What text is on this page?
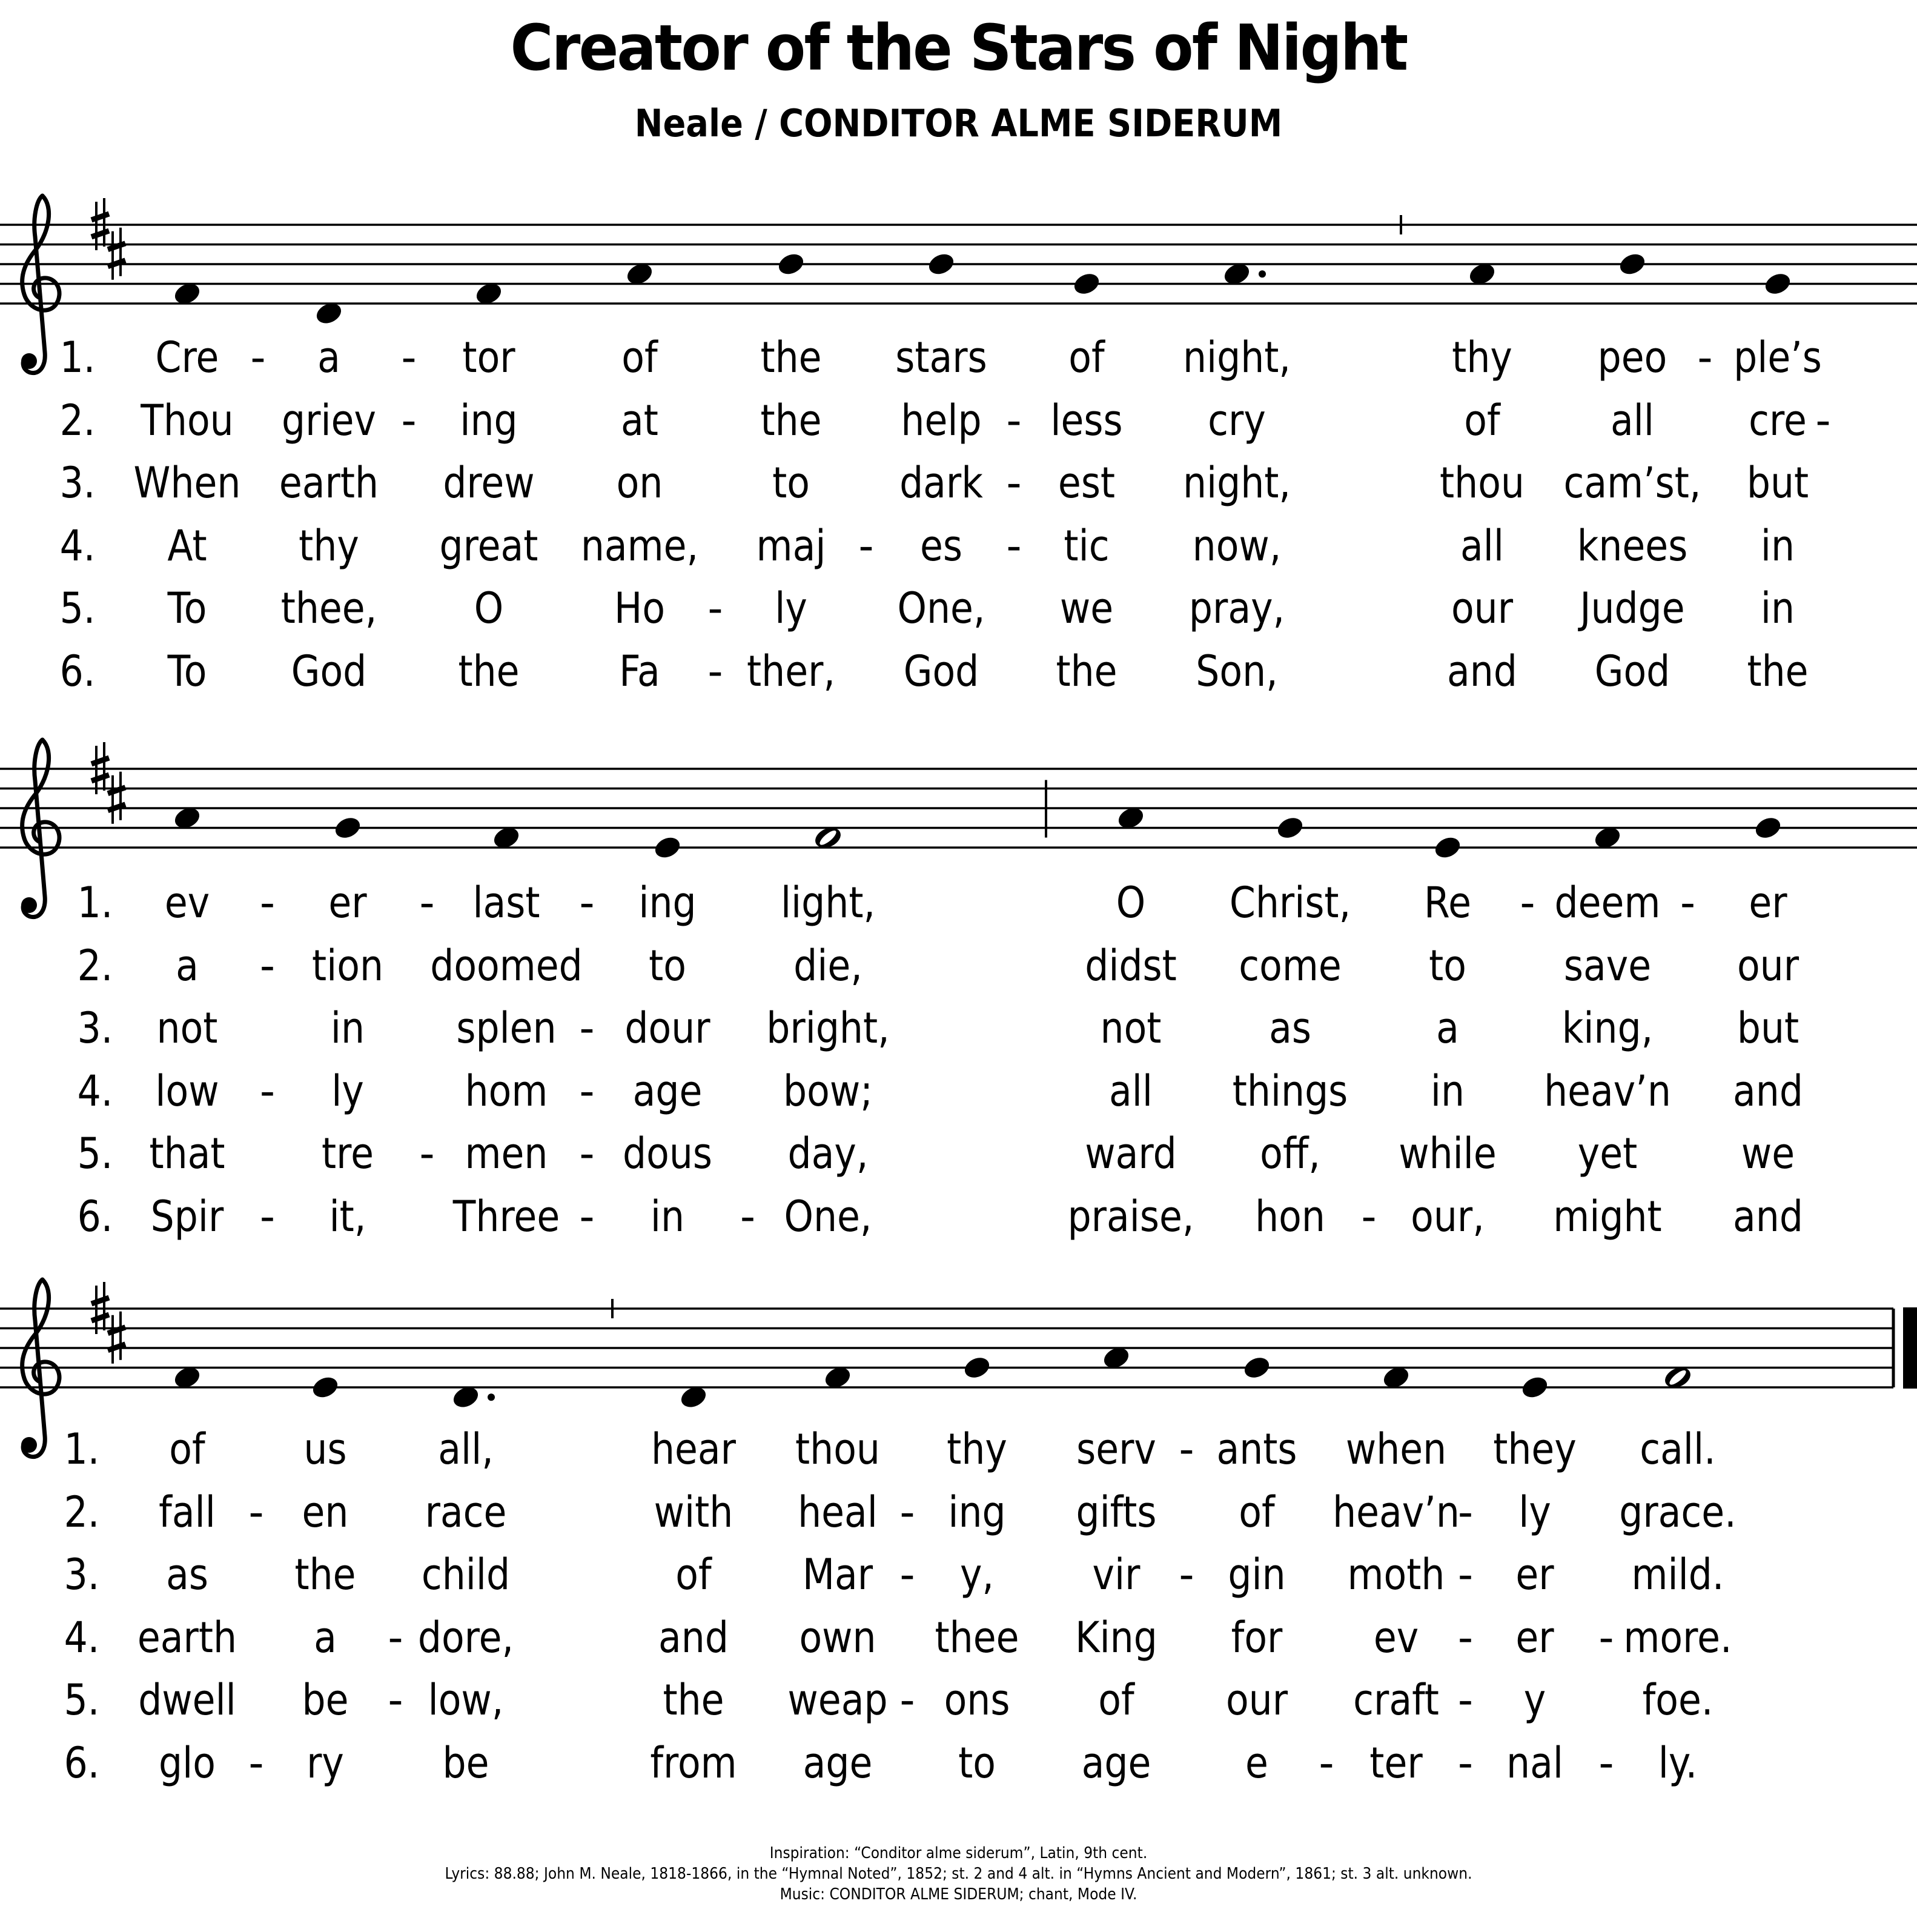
Creator of the Stars of Night
Neale / CONDITOR ALME SIDERUM
1. Cre - a - tor	of the stars of night,	thy peo - ple’s
2. Thou griev - ing at the help - less cry	of	all cre -
3. When earth drew on	to dark - est night,	thou cam’st, but
4. At thy great name, maj - es - tic now,	all knees in
5. To thee, O	Ho - ly One, we pray,	our Judge in
6. To God the Fa - ther, God the Son,	and God the
1. ev - er - last - ing light,	O Christ, Re - deem - er
2. a - tion doomed to	die,	didst come to save our
3. not	in splen - dour bright,	not	as	a king, but
4. low - ly hom - age bow;	all things in heav’n and
5. that tre - men - dous day,	ward off, while yet we
6. Spir - it, Three - in - One,	praise, hon - our, might and
1. of us all,	hear thou thy serv - ants when they call.
2. fall - en race	with heal - ing gifts of heav’n
- ly grace.
3. as the child	of Mar - y, vir - gin moth - er mild.
4. earth a - dore,	and own thee King for ev - er - more.
5. dwell be - low,	the weap - ons of our craft - y foe.
6. glo - ry be	from age to age e - ter - nal - ly.
Inspiration: “Conditor alme siderum”, Latin, 9th cent.
Lyrics: 88.88; John M. Neale, 1818-1866, in the “Hymnal Noted”, 1852; st. 2 and 4 alt. in “Hymns Ancient and Modern”, 1861; st. 3 alt. unknown.
Music: CONDITOR ALME SIDERUM; chant, Mode IV.
